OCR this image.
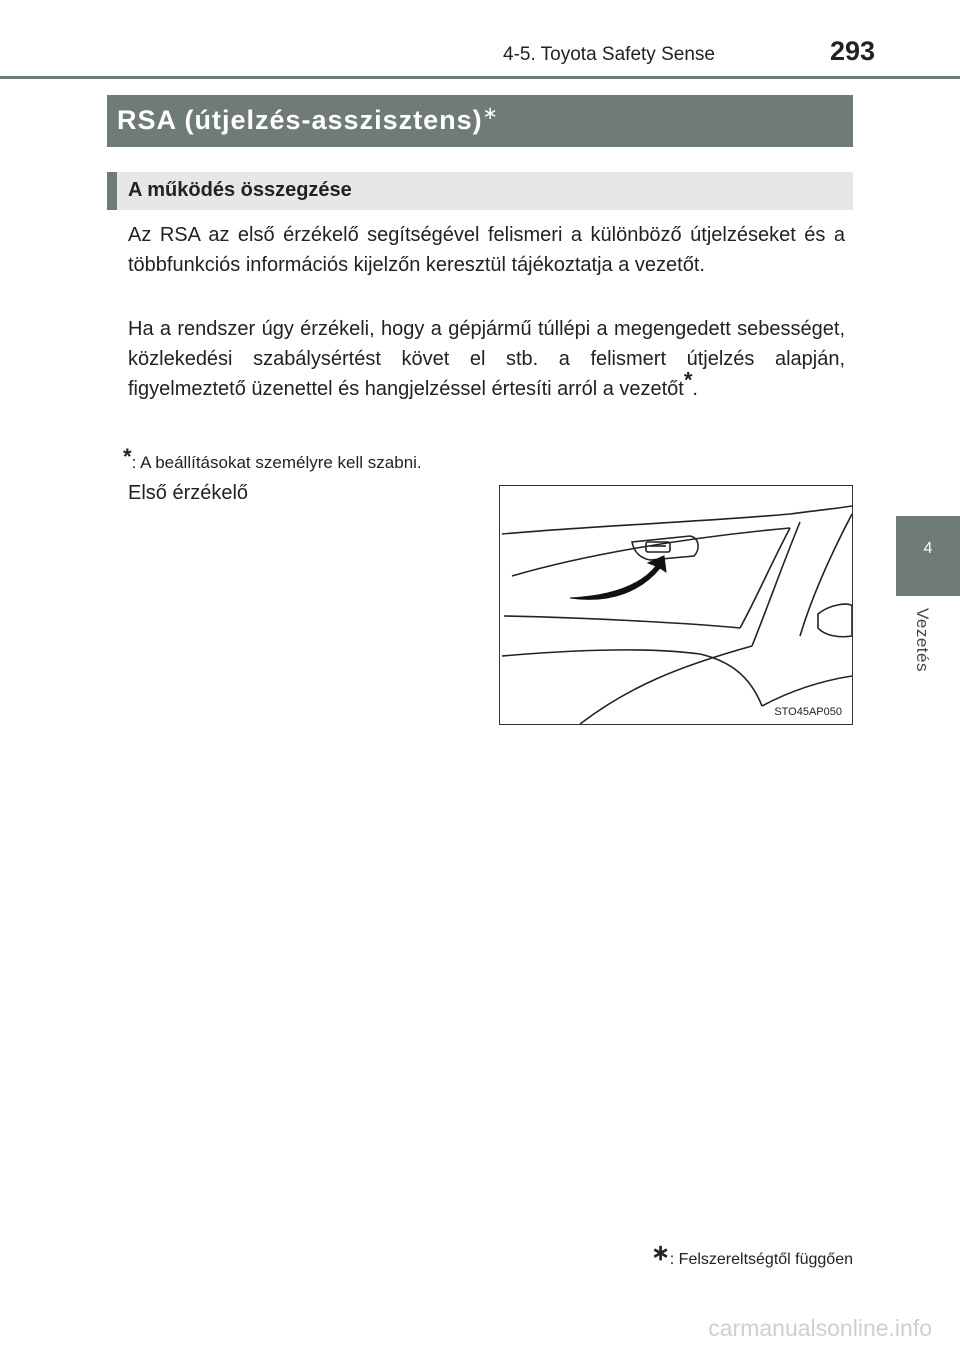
4-5. Toyota Safety Sense	293
4
Vezetés
RSA (útjelzés-asszisztens)∗
A működés összegzése
Az RSA az első érzékelő segítségével felismeri a különböző útjelzéseket és a többfunkciós információs kijelzőn keresztül tájékoztatja a vezetőt.
Ha a rendszer úgy érzékeli, hogy a gépjármű túllépi a megengedett sebességet, közlekedési szabálysértést követ el stb. a felismert útjelzés alapján, figyelmeztető üzenettel és hangjelzéssel értesíti arról a vezetőt*.
*: A beállításokat személyre kell szabni.
Első érzékelő
STO45AP050
∗: Felszereltségtől függően
carmanualsonline.info
